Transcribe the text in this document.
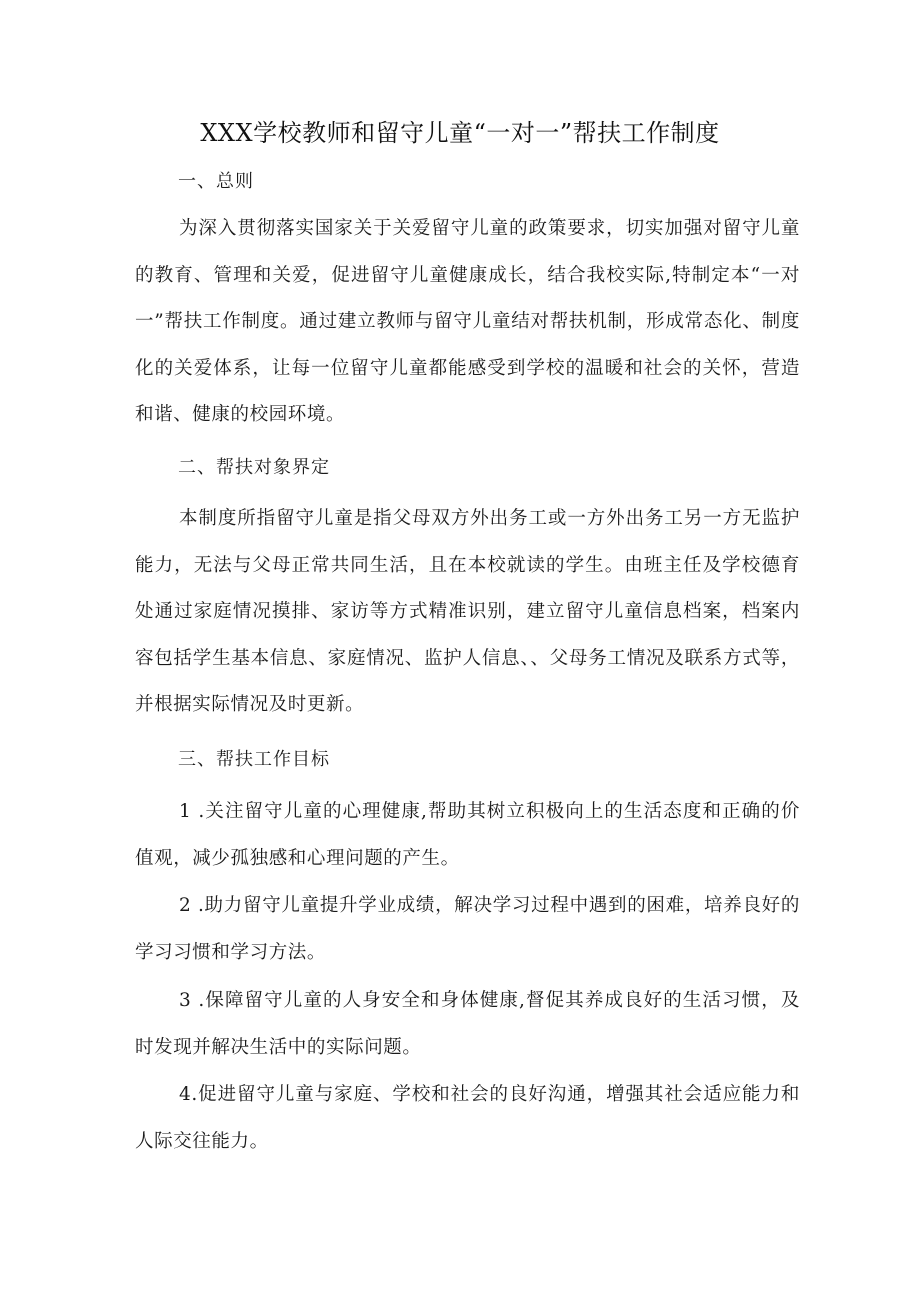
XXX学校教师和留守儿童“一对一”帮扶工作制度
一、总则

为深入贯彻落实国家关于关爱留守儿童的政策要求，切实加强对留守儿童的教育、管理和关爱，促进留守儿童健康成长，结合我校实际,特制定本“一对一”帮扶工作制度。通过建立教师与留守儿童结对帮扶机制，形成常态化、制度化的关爱体系，让每一位留守儿童都能感受到学校的温暖和社会的关怀，营造和谐、健康的校园环境。

二、帮扶对象界定

本制度所指留守儿童是指父母双方外出务工或一方外出务工另一方无监护能力，无法与父母正常共同生活，且在本校就读的学生。由班主任及学校德育处通过家庭情况摸排、家访等方式精准识别，建立留守儿童信息档案，档案内容包括学生基本信息、家庭情况、监护人信息、、父母务工情况及联系方式等，并根据实际情况及时更新。

三、帮扶工作目标

1 .关注留守儿童的心理健康,帮助其树立积极向上的生活态度和正确的价值观，减少孤独感和心理问题的产生。

2 .助力留守儿童提升学业成绩，解决学习过程中遇到的困难，培养良好的学习习惯和学习方法。

3 .保障留守儿童的人身安全和身体健康,督促其养成良好的生活习惯，及时发现并解决生活中的实际问题。

4.促进留守儿童与家庭、学校和社会的良好沟通，增强其社会适应能力和人际交往能力。
